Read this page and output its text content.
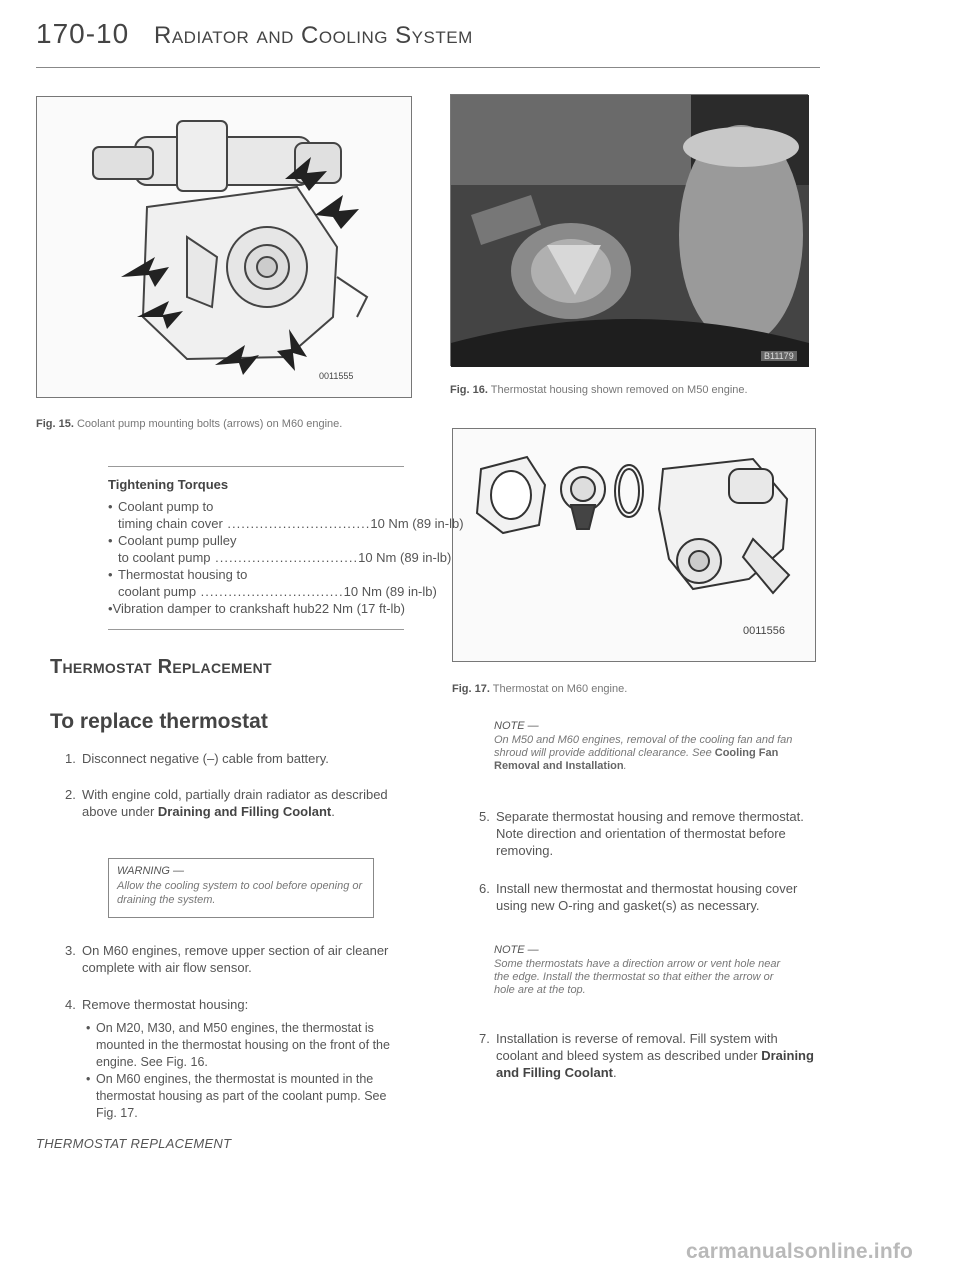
170-10 Radiator and Cooling System
0011555
Fig. 15. Coolant pump mounting bolts (arrows) on M60 engine.
B11179
Fig. 16. Thermostat housing shown removed on M50 engine.
0011556
Fig. 17. Thermostat on M60 engine.
Tightening Torques
• Coolant pump to
timing chain cover ............................... 10 Nm (89 in-lb)
• Coolant pump pulley
to coolant pump ............................... 10 Nm (89 in-lb)
• Thermostat housing to
coolant pump ............................... 10 Nm (89 in-lb)
• Vibration damper to crankshaft hub 22 Nm (17 ft-lb)
Thermostat Replacement
To replace thermostat
1. Disconnect negative (–) cable from battery.
2. With engine cold, partially drain radiator as described above under Draining and Filling Coolant.
WARNING —
Allow the cooling system to cool before opening or draining the system.
3. On M60 engines, remove upper section of air cleaner complete with air flow sensor.
4. Remove thermostat housing:
• On M20, M30, and M50 engines, the thermostat is mounted in the thermostat housing on the front of the engine. See Fig. 16.
• On M60 engines, the thermostat is mounted in the thermostat housing as part of the coolant pump. See Fig. 17.
NOTE —
On M50 and M60 engines, removal of the cooling fan and fan shroud will provide additional clearance. See Cooling Fan Removal and Installation.
5. Separate thermostat housing and remove thermostat. Note direction and orientation of thermostat before removing.
6. Install new thermostat and thermostat housing cover using new O-ring and gasket(s) as necessary.
NOTE —
Some thermostats have a direction arrow or vent hole near the edge. Install the thermostat so that either the arrow or hole are at the top.
7. Installation is reverse of removal. Fill system with coolant and bleed system as described under Draining and Filling Coolant.
THERMOSTAT REPLACEMENT
carmanualsonline.info
